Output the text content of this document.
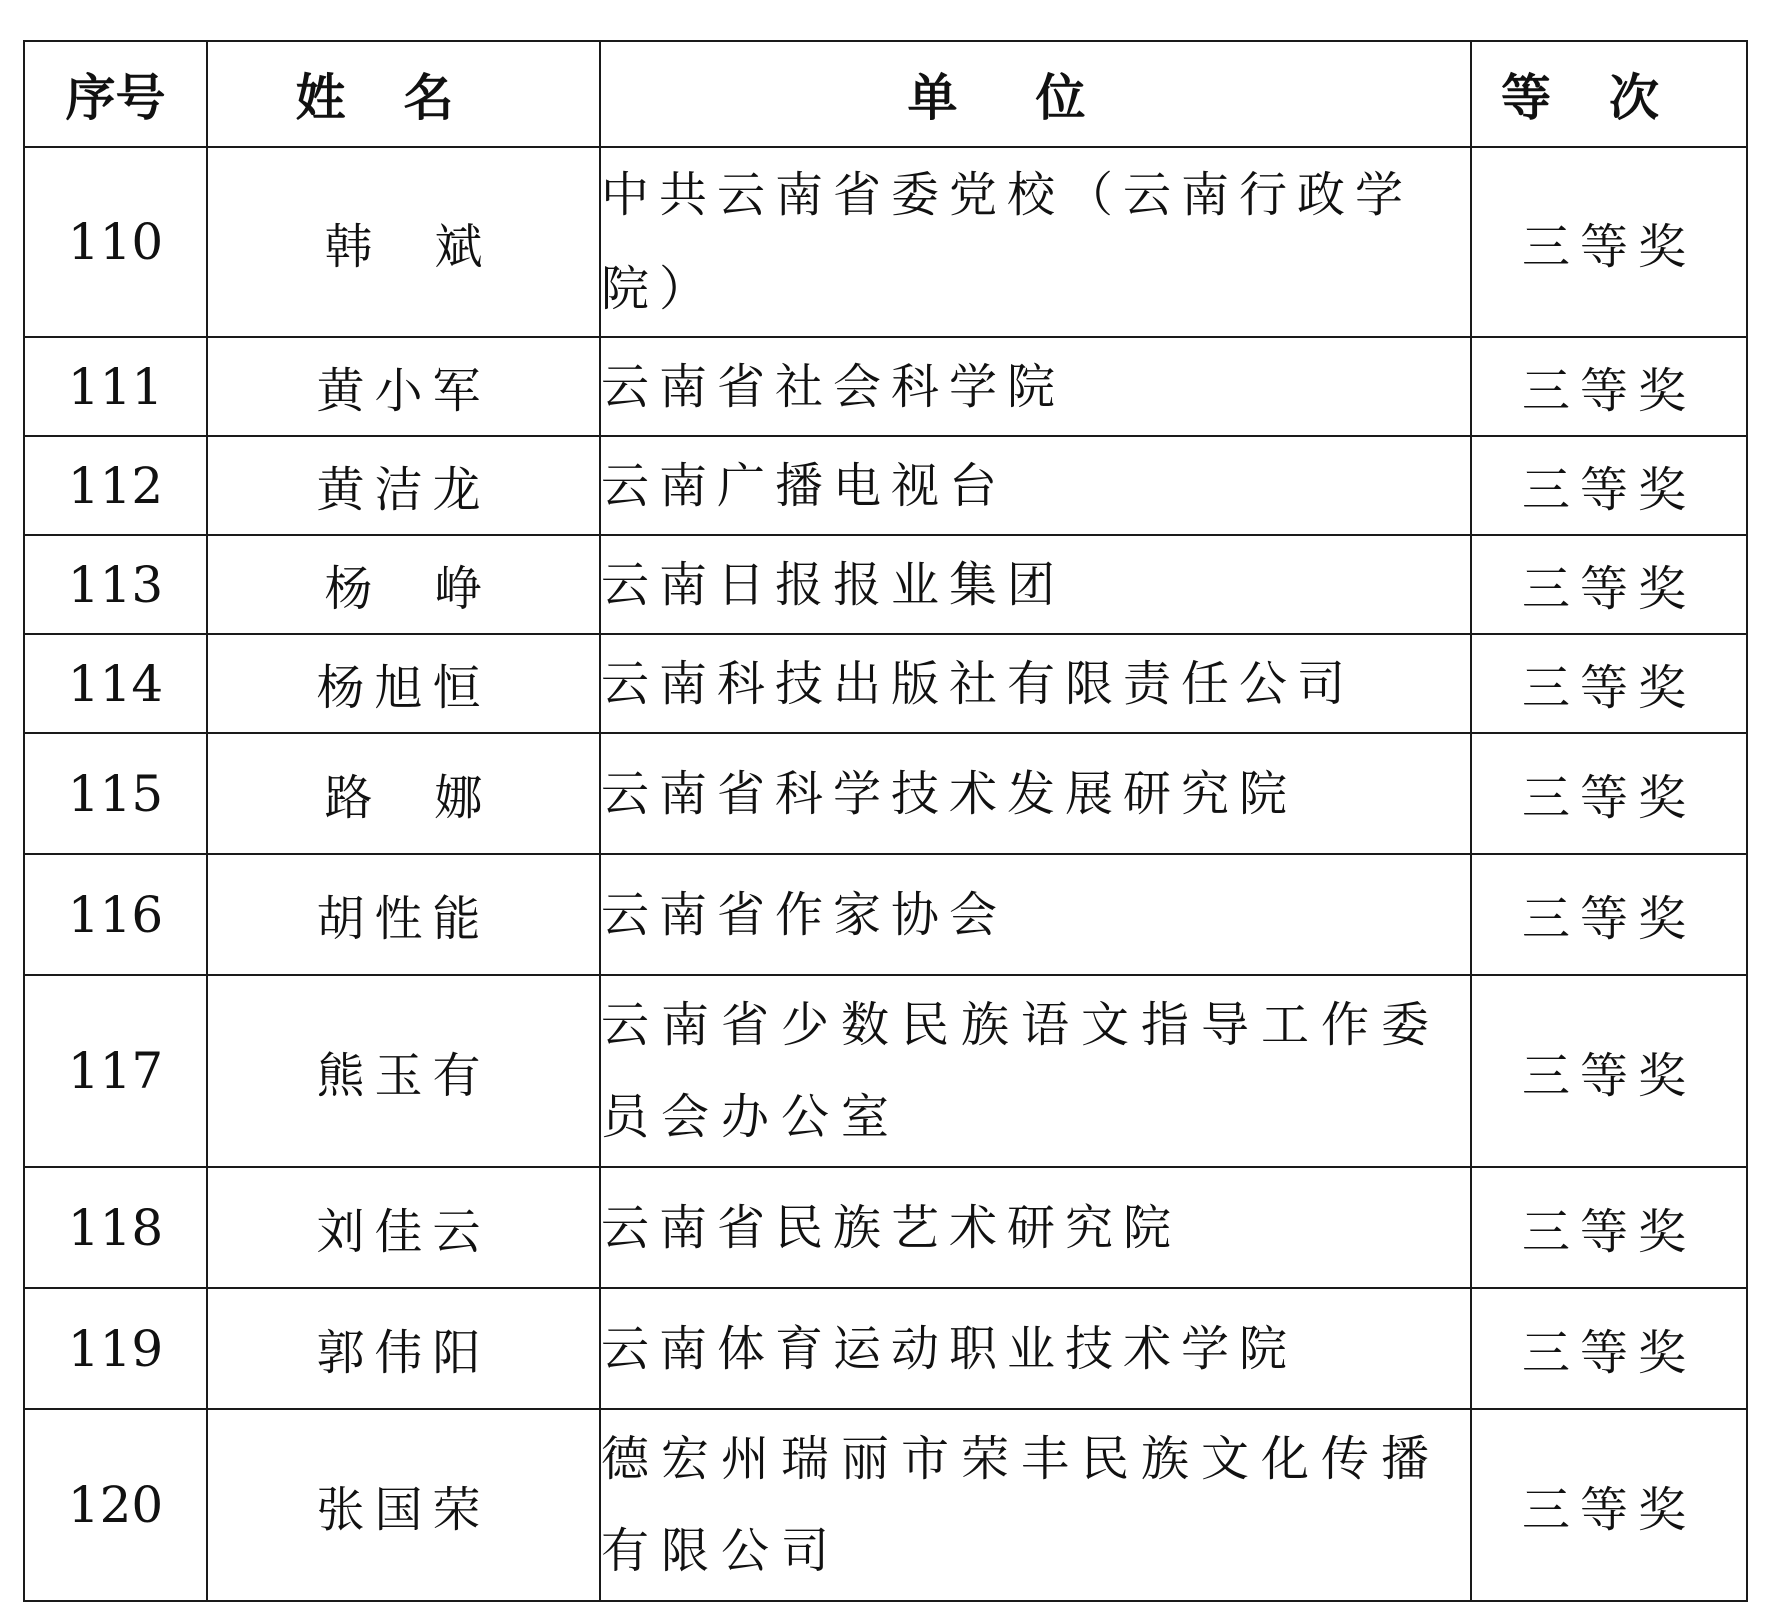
序号	姓名	单位	等次
110	韩斌	中共云南省委党校（云南行政学院）	三等奖
111	黄小军	云南省社会科学院	三等奖
112	黄洁龙	云南广播电视台	三等奖
113	杨峥	云南日报报业集团	三等奖
114	杨旭恒	云南科技出版社有限责任公司	三等奖
115	路娜	云南省科学技术发展研究院	三等奖
116	胡性能	云南省作家协会	三等奖
117	熊玉有	云南省少数民族语文指导工作委员会办公室	三等奖
118	刘佳云	云南省民族艺术研究院	三等奖
119	郭伟阳	云南体育运动职业技术学院	三等奖
120	张国荣	德宏州瑞丽市荣丰民族文化传播有限公司	三等奖
